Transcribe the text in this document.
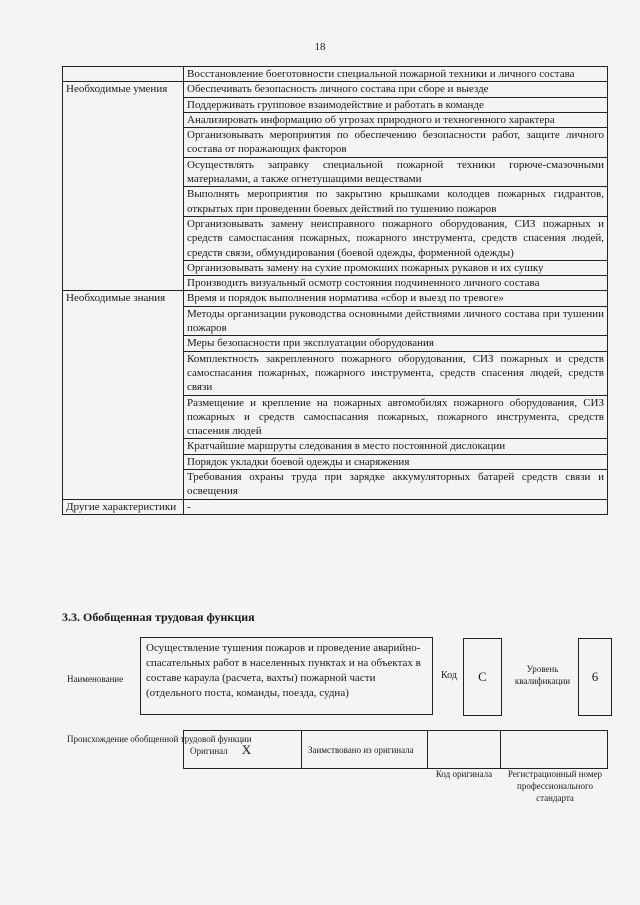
18
	Восстановление боеготовности специальной пожарной техники и личного состава
Необходимые умения	Обеспечивать безопасность личного состава при сборе и выезде
	Поддерживать групповое взаимодействие и работать в команде
	Анализировать информацию об угрозах природного и техногенного характера
	Организовывать мероприятия по обеспечению безопасности работ, защите личного состава от поражающих факторов
	Осуществлять заправку специальной пожарной техники горюче-смазочными материалами, а также огнетушащими веществами
	Выполнять мероприятия по закрытию крышками колодцев пожарных гидрантов, открытых при проведении боевых действий по тушению пожаров
	Организовывать замену неисправного пожарного оборудования, СИЗ пожарных и средств самоспасания пожарных, пожарного инструмента, средств спасения людей, средств связи, обмундирования (боевой одежды, форменной одежды)
	Организовывать замену на сухие промокших пожарных рукавов и их сушку
	Производить визуальный осмотр состояния подчиненного личного состава
Необходимые знания	Время и порядок выполнения норматива «сбор и выезд по тревоге»
	Методы организации руководства основными действиями личного состава при тушении пожаров
	Меры безопасности при эксплуатации оборудования
	Комплектность закрепленного пожарного оборудования, СИЗ пожарных и средств самоспасания пожарных, пожарного инструмента, средств спасения людей, средств связи
	Размещение и крепление на пожарных автомобилях пожарного оборудования, СИЗ пожарных и средств самоспасания пожарных, пожарного инструмента, средств спасения людей
	Кратчайшие маршруты следования в место постоянной дислокации
	Порядок укладки боевой одежды и снаряжения
	Требования охраны труда при зарядке аккумуляторных батарей средств связи и освещения
Другие характеристики	-
3.3. Обобщенная трудовая функция
Наименование
Осуществление тушения пожаров и проведение аварийно-спасательных работ в населенных пунктах и на объектах в составе караула (расчета, вахты) пожарной части (отдельного поста, команды, поезда, судна)
Код	C	Уровень квалификации	6
Происхождение обобщенной трудовой функции
Оригинал X	Заимствовано из оригинала		
Код оригинала	Регистрационный номер профессионального стандарта
